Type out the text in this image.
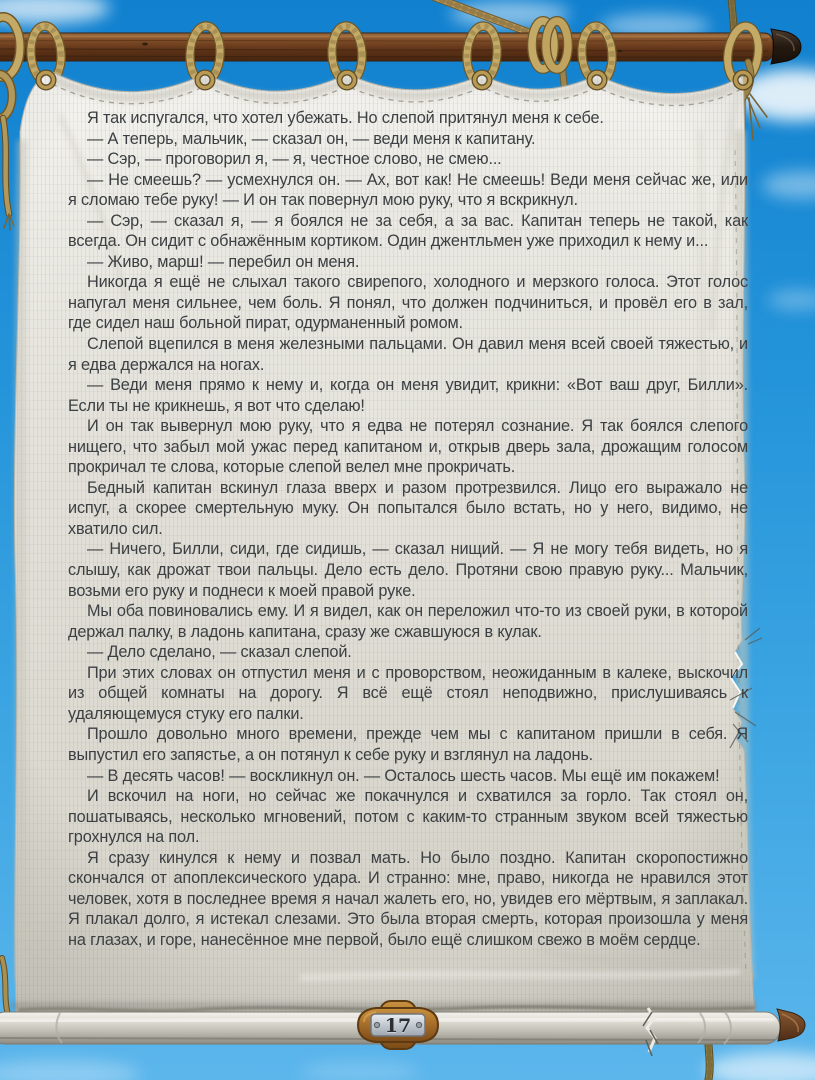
Я так испугался, что хотел убежать. Но слепой притянул меня к себе.

— А теперь, мальчик, — сказал он, — веди меня к капитану.

— Сэр, — проговорил я, — я, честное слово, не смею...

— Не смеешь? — усмехнулся он. — Ах, вот как! Не смеешь! Веди меня сейчас же, или я сломаю тебе руку! — И он так повернул мою руку, что я вскрикнул.

— Сэр, — сказал я, — я боялся не за себя, а за вас. Капитан теперь не такой, как всегда. Он сидит с обнажённым кортиком. Один джентльмен уже приходил к нему и...

— Живо, марш! — перебил он меня.

Никогда я ещё не слыхал такого свирепого, холодного и мерзкого голоса. Этот голос напугал меня сильнее, чем боль. Я понял, что должен подчиниться, и провёл его в зал, где сидел наш больной пират, одурманенный ромом.

Слепой вцепился в меня железными пальцами. Он давил меня всей своей тяжестью, и я едва держался на ногах.

— Веди меня прямо к нему и, когда он меня увидит, крикни: «Вот ваш друг, Билли». Если ты не крикнешь, я вот что сделаю!

И он так вывернул мою руку, что я едва не потерял сознание. Я так боялся слепого нищего, что забыл мой ужас перед капитаном и, открыв дверь зала, дрожащим голосом прокричал те слова, которые слепой велел мне прокричать.

Бедный капитан вскинул глаза вверх и разом протрезвился. Лицо его выражало не испуг, а скорее смертельную муку. Он попытался было встать, но у него, видимо, не хватило сил.

— Ничего, Билли, сиди, где сидишь, — сказал нищий. — Я не могу тебя видеть, но я слышу, как дрожат твои пальцы. Дело есть дело. Протяни свою правую руку... Мальчик, возьми его руку и поднеси к моей правой руке.

Мы оба повиновались ему. И я видел, как он переложил что-то из своей руки, в которой держал палку, в ладонь капитана, сразу же сжавшуюся в кулак.

— Дело сделано, — сказал слепой.

При этих словах он отпустил меня и с проворством, неожиданным в калеке, выскочил из общей комнаты на дорогу. Я всё ещё стоял неподвижно, прислушиваясь к удаляющемуся стуку его палки.

Прошло довольно много времени, прежде чем мы с капитаном пришли в себя. Я выпустил его запястье, а он потянул к себе руку и взглянул на ладонь.

— В десять часов! — воскликнул он. — Осталось шесть часов. Мы ещё им покажем!

И вскочил на ноги, но сейчас же покачнулся и схватился за горло. Так стоял он, пошатываясь, несколько мгновений, потом с каким-то странным звуком всей тяжестью грохнулся на пол.

Я сразу кинулся к нему и позвал мать. Но было поздно. Капитан скоропостижно скончался от апоплексического удара. И странно: мне, право, никогда не нравился этот человек, хотя в последнее время я начал жалеть его, но, увидев его мёртвым, я заплакал. Я плакал долго, я истекал слезами. Это была вторая смерть, которая произошла у меня на глазах, и горе, нанесённое мне первой, было ещё слишком свежо в моём сердце.

17
